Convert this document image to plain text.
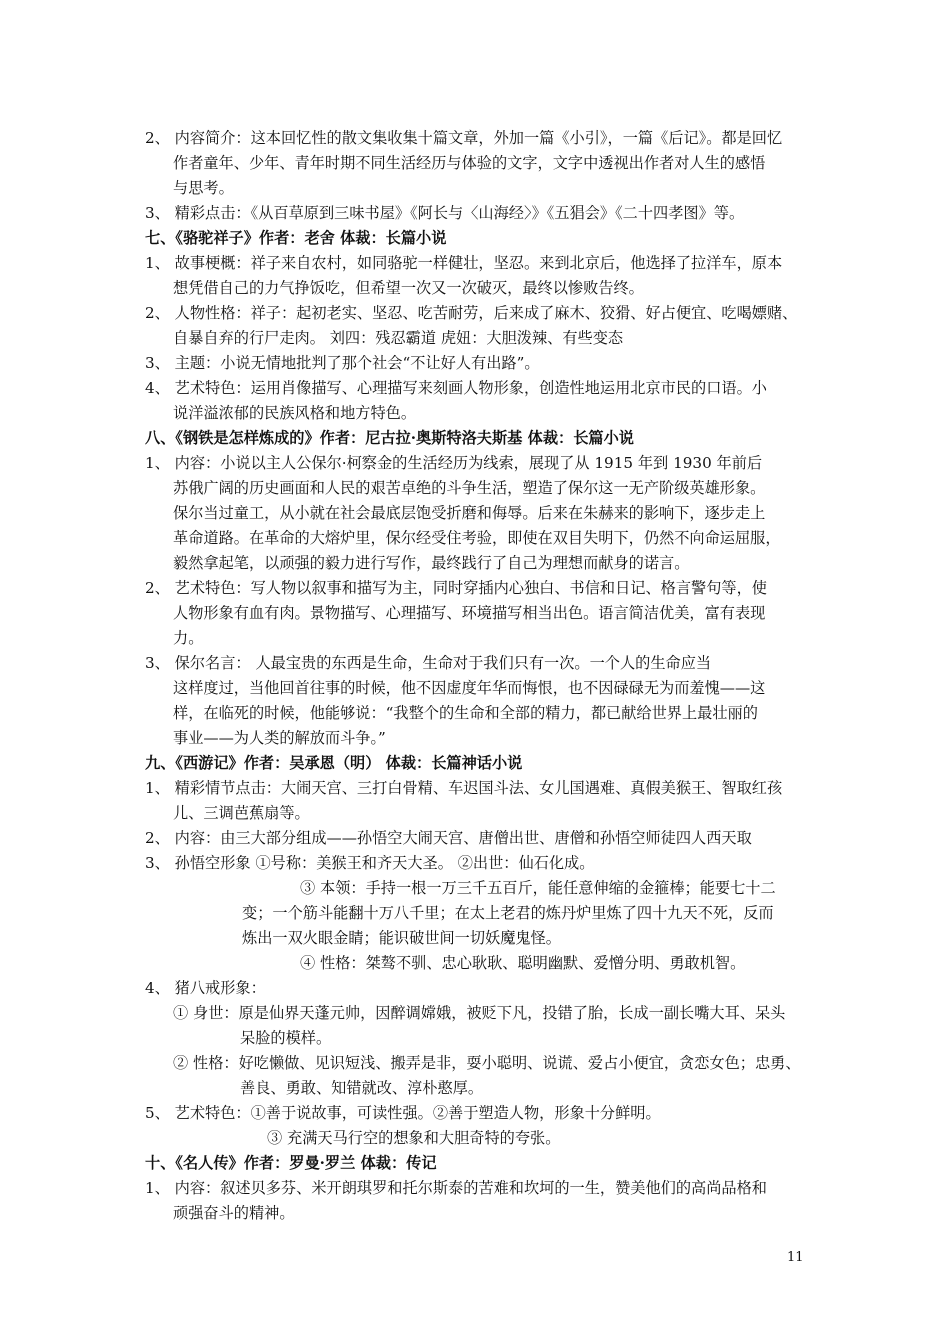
2、 内容简介：这本回忆性的散文集收集十篇文章，外加一篇《小引》，一篇《后记》。都是回忆
作者童年、少年、青年时期不同生活经历与体验的文字，文字中透视出作者对人生的感悟
与思考。
3、 精彩点击：《从百草原到三味书屋》《阿长与〈山海经〉》《五猖会》《二十四孝图》等。
七、《骆驼祥子》作者：老舍 体裁：长篇小说
1、 故事梗概：祥子来自农村，如同骆驼一样健壮，坚忍。来到北京后，他选择了拉洋车，原本
想凭借自己的力气挣饭吃，但希望一次又一次破灭，最终以惨败告终。
2、 人物性格：祥子：起初老实、坚忍、吃苦耐劳，后来成了麻木、狡猾、好占便宜、吃喝嫖赌、
自暴自弃的行尸走肉。 刘四：残忍霸道 虎妞：大胆泼辣、有些变态
3、 主题：小说无情地批判了那个社会“不让好人有出路”。
4、 艺术特色：运用肖像描写、心理描写来刻画人物形象，创造性地运用北京市民的口语。小
说洋溢浓郁的民族风格和地方特色。
八、《钢铁是怎样炼成的》作者：尼古拉·奥斯特洛夫斯基 体裁：长篇小说
1、 内容：小说以主人公保尔·柯察金的生活经历为线索，展现了从 1915 年到 1930 年前后
苏俄广阔的历史画面和人民的艰苦卓绝的斗争生活，塑造了保尔这一无产阶级英雄形象。
保尔当过童工，从小就在社会最底层饱受折磨和侮辱。后来在朱赫来的影响下，逐步走上
革命道路。在革命的大熔炉里，保尔经受住考验，即使在双目失明下，仍然不向命运屈服，
毅然拿起笔，以顽强的毅力进行写作，最终践行了自己为理想而献身的诺言。
2、 艺术特色：写人物以叙事和描写为主，同时穿插内心独白、书信和日记、格言警句等，使
人物形象有血有肉。景物描写、心理描写、环境描写相当出色。语言简洁优美，富有表现
力。
3、 保尔名言： 人最宝贵的东西是生命，生命对于我们只有一次。一个人的生命应当
这样度过，当他回首往事的时候，他不因虚度年华而悔恨，也不因碌碌无为而羞愧——这
样，在临死的时候，他能够说：“我整个的生命和全部的精力，都已献给世界上最壮丽的
事业——为人类的解放而斗争。”
九、《西游记》作者：吴承恩（明） 体裁：长篇神话小说
1、 精彩情节点击：大闹天宫、三打白骨精、车迟国斗法、女儿国遇难、真假美猴王、智取红孩
儿、三调芭蕉扇等。
2、 内容：由三大部分组成——孙悟空大闹天宫、唐僧出世、唐僧和孙悟空师徒四人西天取
3、 孙悟空形象 ①号称：美猴王和齐天大圣。 ②出世：仙石化成。
③ 本领：手持一根一万三千五百斤，能任意伸缩的金箍棒；能要七十二
变；一个筋斗能翻十万八千里；在太上老君的炼丹炉里炼了四十九天不死，反而
炼出一双火眼金睛；能识破世间一切妖魔鬼怪。
④ 性格：桀骜不驯、忠心耿耿、聪明幽默、爱憎分明、勇敢机智。
4、 猪八戒形象：
① 身世：原是仙界天蓬元帅，因醉调嫦娥，被贬下凡，投错了胎，长成一副长嘴大耳、呆头
呆脸的模样。
② 性格：好吃懒做、见识短浅、搬弄是非，耍小聪明、说谎、爱占小便宜，贪恋女色；忠勇、
善良、勇敢、知错就改、淳朴憨厚。
5、 艺术特色：①善于说故事，可读性强。②善于塑造人物，形象十分鲜明。
③ 充满天马行空的想象和大胆奇特的夸张。
十、《名人传》作者：罗曼·罗兰 体裁：传记
1、 内容：叙述贝多芬、米开朗琪罗和托尔斯泰的苦难和坎坷的一生，赞美他们的高尚品格和
顽强奋斗的精神。
11
